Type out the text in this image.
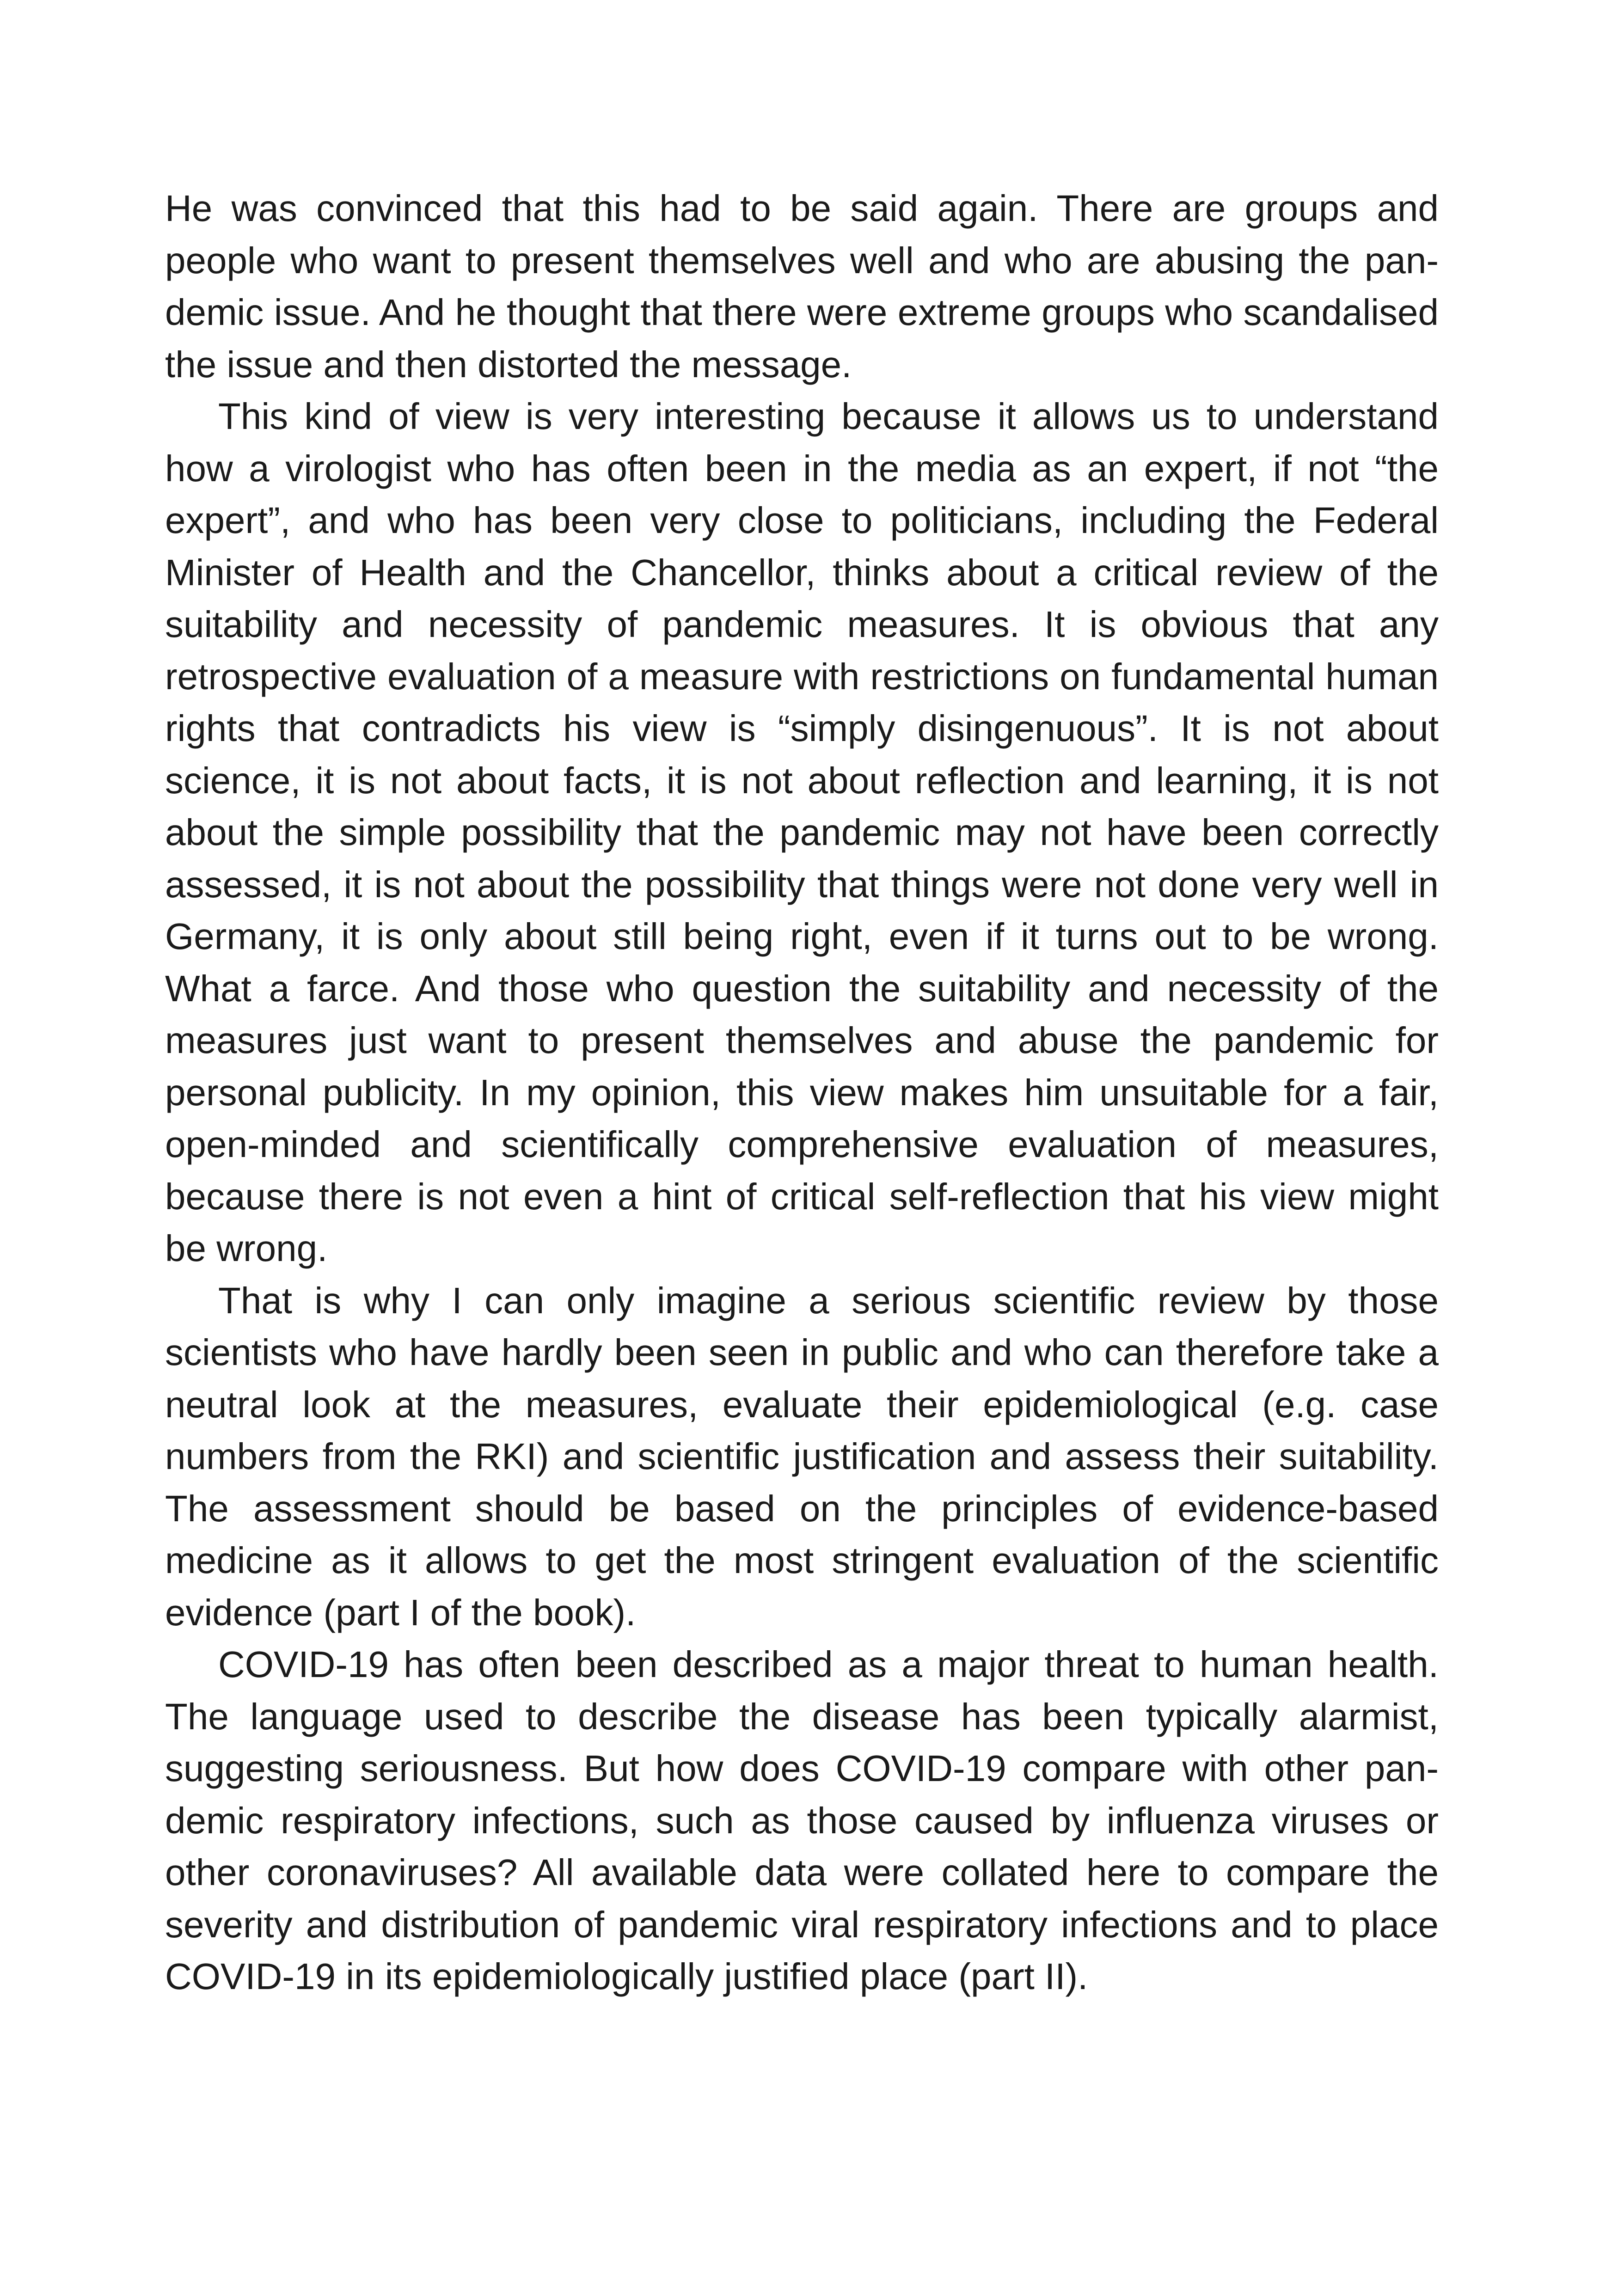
He was convinced that this had to be said again. There are groups and people who want to present themselves well and who are abusing the pandemic issue. And he thought that there were extreme groups who scandalised the issue and then distorted the message.

This kind of view is very interesting because it allows us to understand how a virologist who has often been in the media as an expert, if not “the expert”, and who has been very close to politicians, including the Federal Minister of Health and the Chancellor, thinks about a critical review of the suitability and necessity of pandemic measures. It is obvious that any retrospective evaluation of a measure with restrictions on fundamental human rights that contradicts his view is “simply disingenuous”. It is not about science, it is not about facts, it is not about reflection and learning, it is not about the simple possibility that the pandemic may not have been correctly assessed, it is not about the possibility that things were not done very well in Germany, it is only about still being right, even if it turns out to be wrong. What a farce. And those who question the suitability and necessity of the measures just want to present themselves and abuse the pandemic for personal publicity. In my opinion, this view makes him unsuitable for a fair, open-minded and scientifically comprehensive evaluation of measures, because there is not even a hint of critical self-reflection that his view might be wrong.

That is why I can only imagine a serious scientific review by those scientists who have hardly been seen in public and who can therefore take a neutral look at the measures, evaluate their epidemiological (e.g. case numbers from the RKI) and scientific justification and assess their suitability. The assessment should be based on the principles of evidence-based medicine as it allows to get the most stringent evaluation of the scientific evidence (part I of the book).

COVID-19 has often been described as a major threat to human health. The language used to describe the disease has been typically alarmist, suggesting seriousness. But how does COVID-19 compare with other pandemic respiratory infections, such as those caused by influenza viruses or other coronaviruses? All available data were collated here to compare the severity and distribution of pandemic viral respiratory infections and to place COVID-19 in its epidemiologically justified place (part II).
